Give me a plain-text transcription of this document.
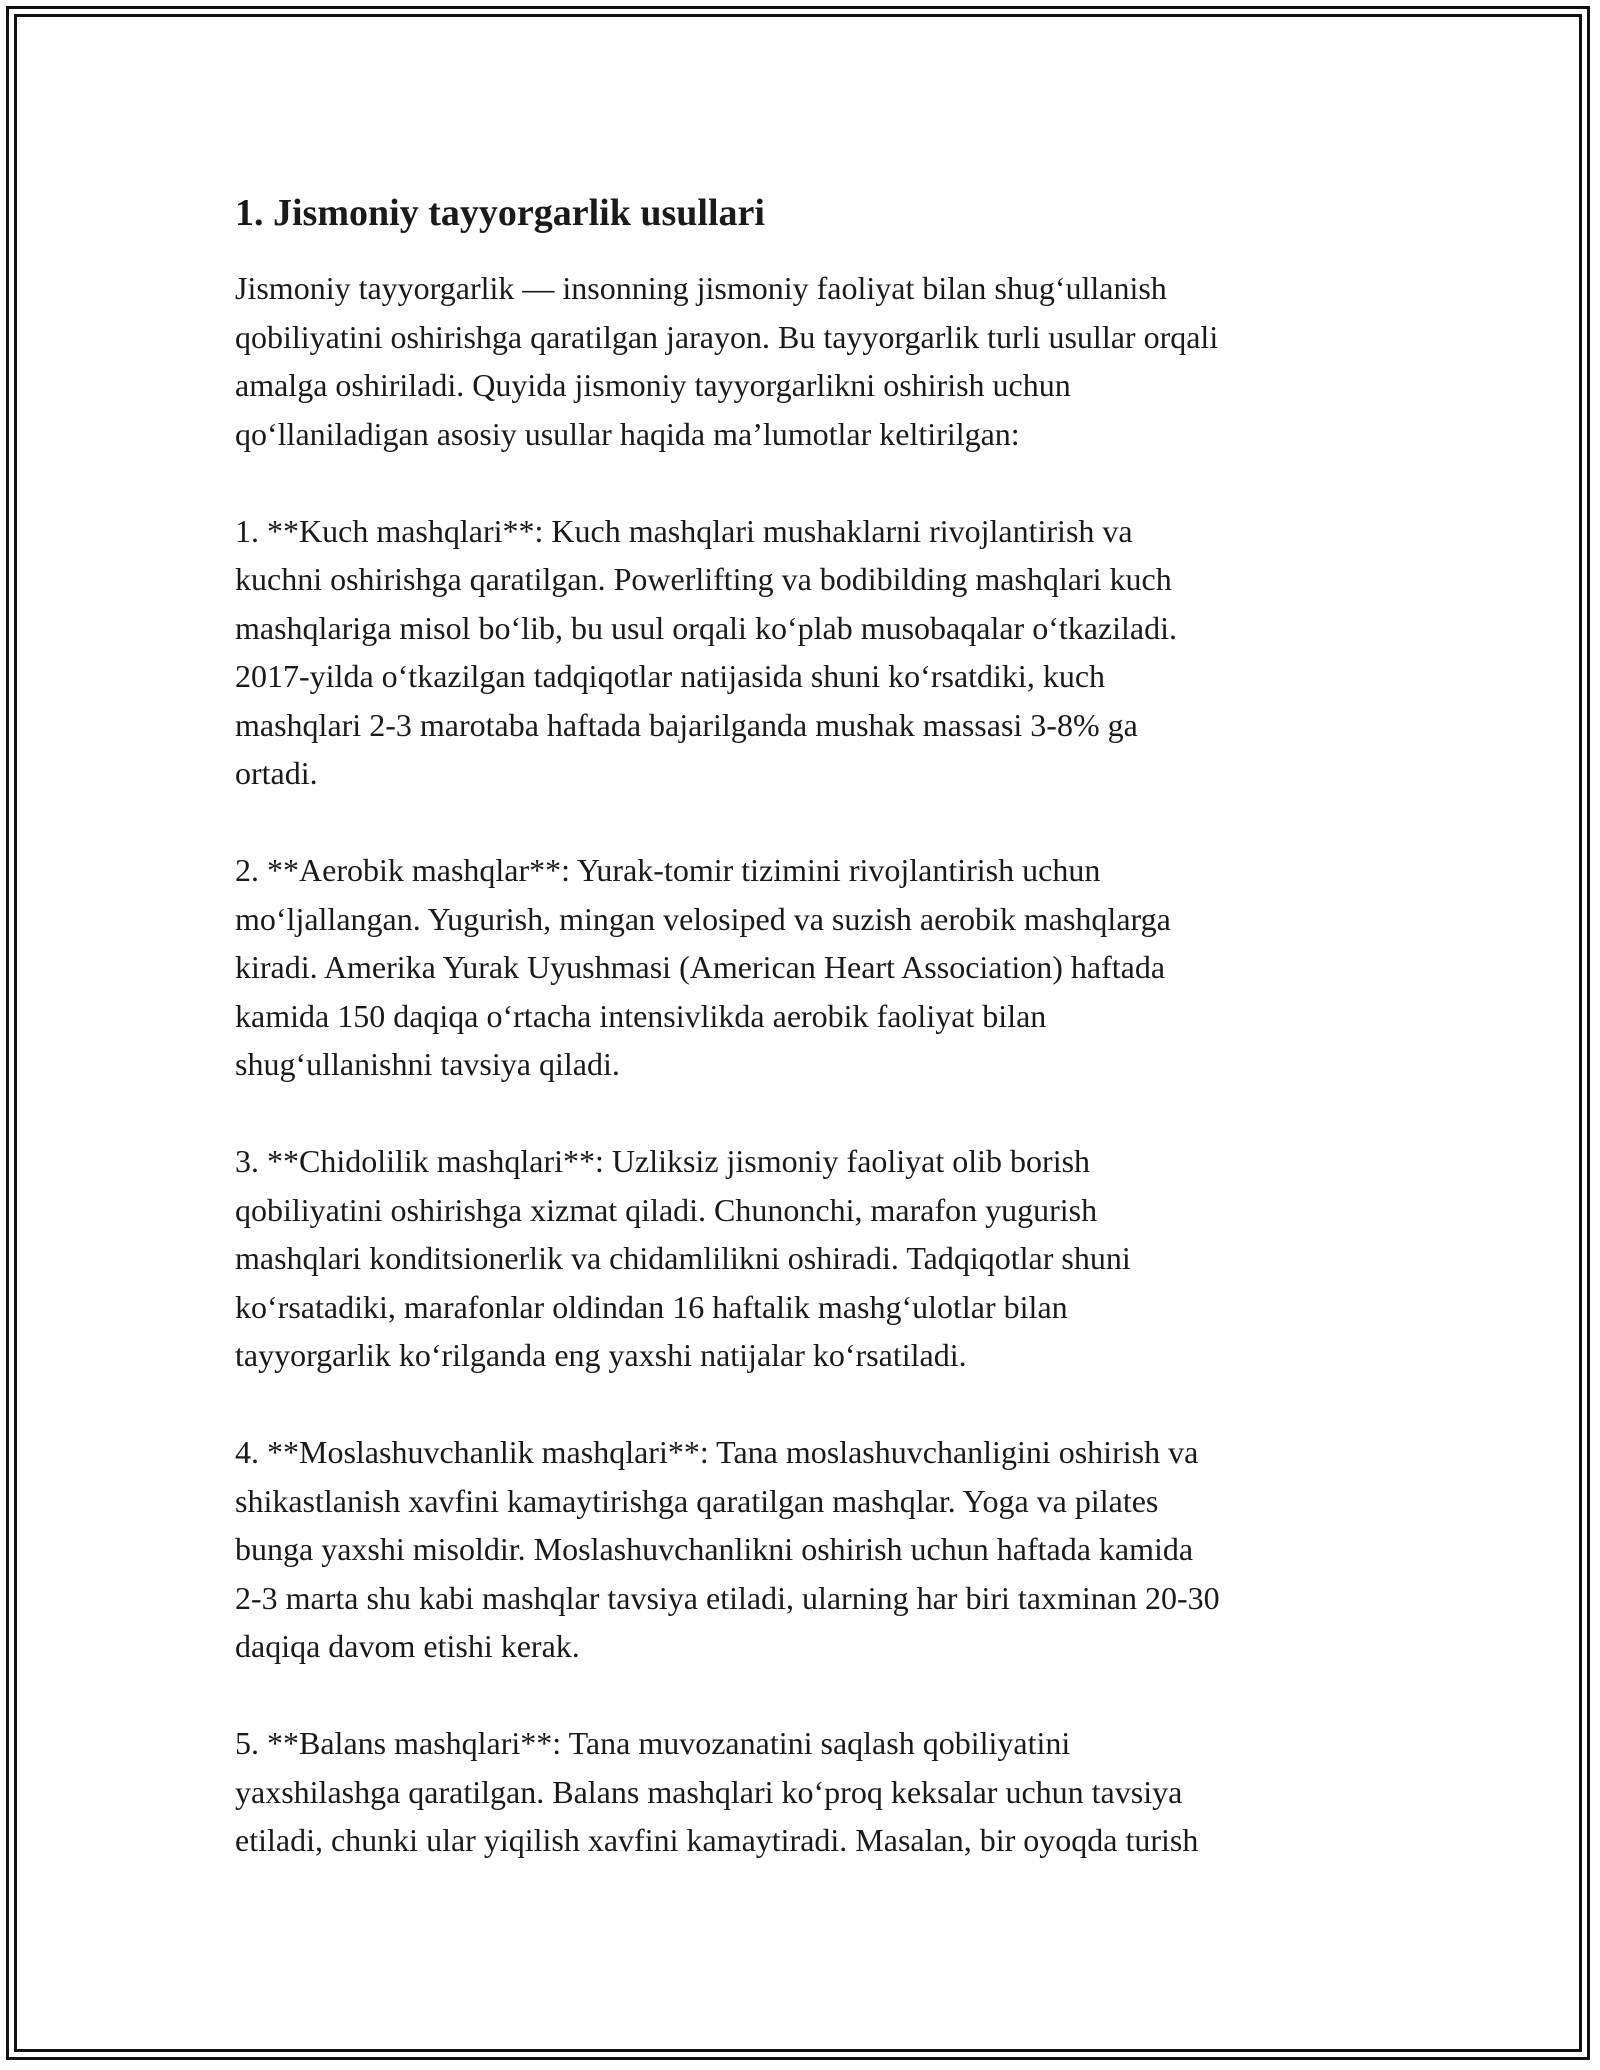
1. Jismoniy tayyorgarlik usullari
Jismoniy tayyorgarlik — insonning jismoniy faoliyat bilan shug‘ullanish
qobiliyatini oshirishga qaratilgan jarayon. Bu tayyorgarlik turli usullar orqali
amalga oshiriladi. Quyida jismoniy tayyorgarlikni oshirish uchun
qo‘llaniladigan asosiy usullar haqida ma’lumotlar keltirilgan:
1. **Kuch mashqlari**: Kuch mashqlari mushaklarni rivojlantirish va
kuchni oshirishga qaratilgan. Powerlifting va bodibilding mashqlari kuch
mashqlariga misol bo‘lib, bu usul orqali ko‘plab musobaqalar o‘tkaziladi.
2017-yilda o‘tkazilgan tadqiqotlar natijasida shuni ko‘rsatdiki, kuch
mashqlari 2-3 marotaba haftada bajarilganda mushak massasi 3-8% ga
ortadi.
2. **Aerobik mashqlar**: Yurak-tomir tizimini rivojlantirish uchun
mo‘ljallangan. Yugurish, mingan velosiped va suzish aerobik mashqlarga
kiradi. Amerika Yurak Uyushmasi (American Heart Association) haftada
kamida 150 daqiqa o‘rtacha intensivlikda aerobik faoliyat bilan
shug‘ullanishni tavsiya qiladi.
3. **Chidolilik mashqlari**: Uzliksiz jismoniy faoliyat olib borish
qobiliyatini oshirishga xizmat qiladi. Chunonchi, marafon yugurish
mashqlari konditsionerlik va chidamlilikni oshiradi. Tadqiqotlar shuni
ko‘rsatadiki, marafonlar oldindan 16 haftalik mashg‘ulotlar bilan
tayyorgarlik ko‘rilganda eng yaxshi natijalar ko‘rsatiladi.
4. **Moslashuvchanlik mashqlari**: Tana moslashuvchanligini oshirish va
shikastlanish xavfini kamaytirishga qaratilgan mashqlar. Yoga va pilates
bunga yaxshi misoldir. Moslashuvchanlikni oshirish uchun haftada kamida
2-3 marta shu kabi mashqlar tavsiya etiladi, ularning har biri taxminan 20-30
daqiqa davom etishi kerak.
5. **Balans mashqlari**: Tana muvozanatini saqlash qobiliyatini
yaxshilashga qaratilgan. Balans mashqlari ko‘proq keksalar uchun tavsiya
etiladi, chunki ular yiqilish xavfini kamaytiradi. Masalan, bir oyoqda turish
